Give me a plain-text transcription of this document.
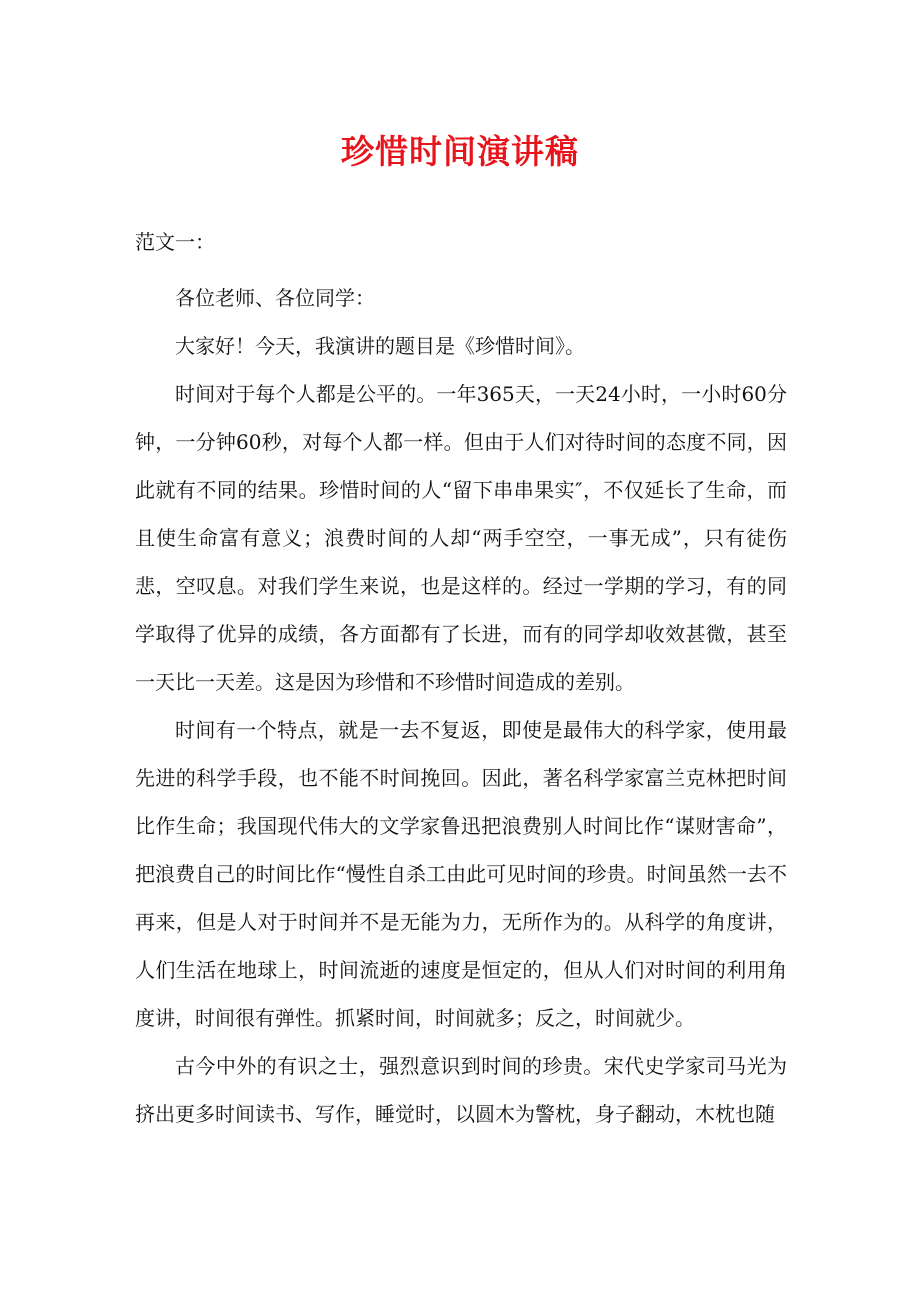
珍惜时间演讲稿
范文一：

各位老师、各位同学：

大家好！今天，我演讲的题目是《珍惜时间》。

时间对于每个人都是公平的。一年365天，一天24小时，一小时60分钟，一分钟60秒，对每个人都一样。但由于人们对待时间的态度不同，因此就有不同的结果。珍惜时间的人“留下串串果实″，不仅延长了生命，而且使生命富有意义；浪费时间的人却“两手空空，一事无成”，只有徒伤悲，空叹息。对我们学生来说，也是这样的。经过一学期的学习，有的同学取得了优异的成绩，各方面都有了长进，而有的同学却收效甚微，甚至一天比一天差。这是因为珍惜和不珍惜时间造成的差别。

时间有一个特点，就是一去不复返，即使是最伟大的科学家，使用最先进的科学手段，也不能不时间挽回。因此，著名科学家富兰克林把时间比作生命；我国现代伟大的文学家鲁迅把浪费别人时间比作“谋财害命”，把浪费自己的时间比作“慢性自杀工由此可见时间的珍贵。时间虽然一去不再来，但是人对于时间并不是无能为力，无所作为的。从科学的角度讲，人们生活在地球上，时间流逝的速度是恒定的，但从人们对时间的利用角度讲，时间很有弹性。抓紧时间，时间就多；反之，时间就少。

古今中外的有识之士，强烈意识到时间的珍贵。宋代史学家司马光为挤出更多时间读书、写作，睡觉时，以圆木为警枕，身子翻动，木枕也随
